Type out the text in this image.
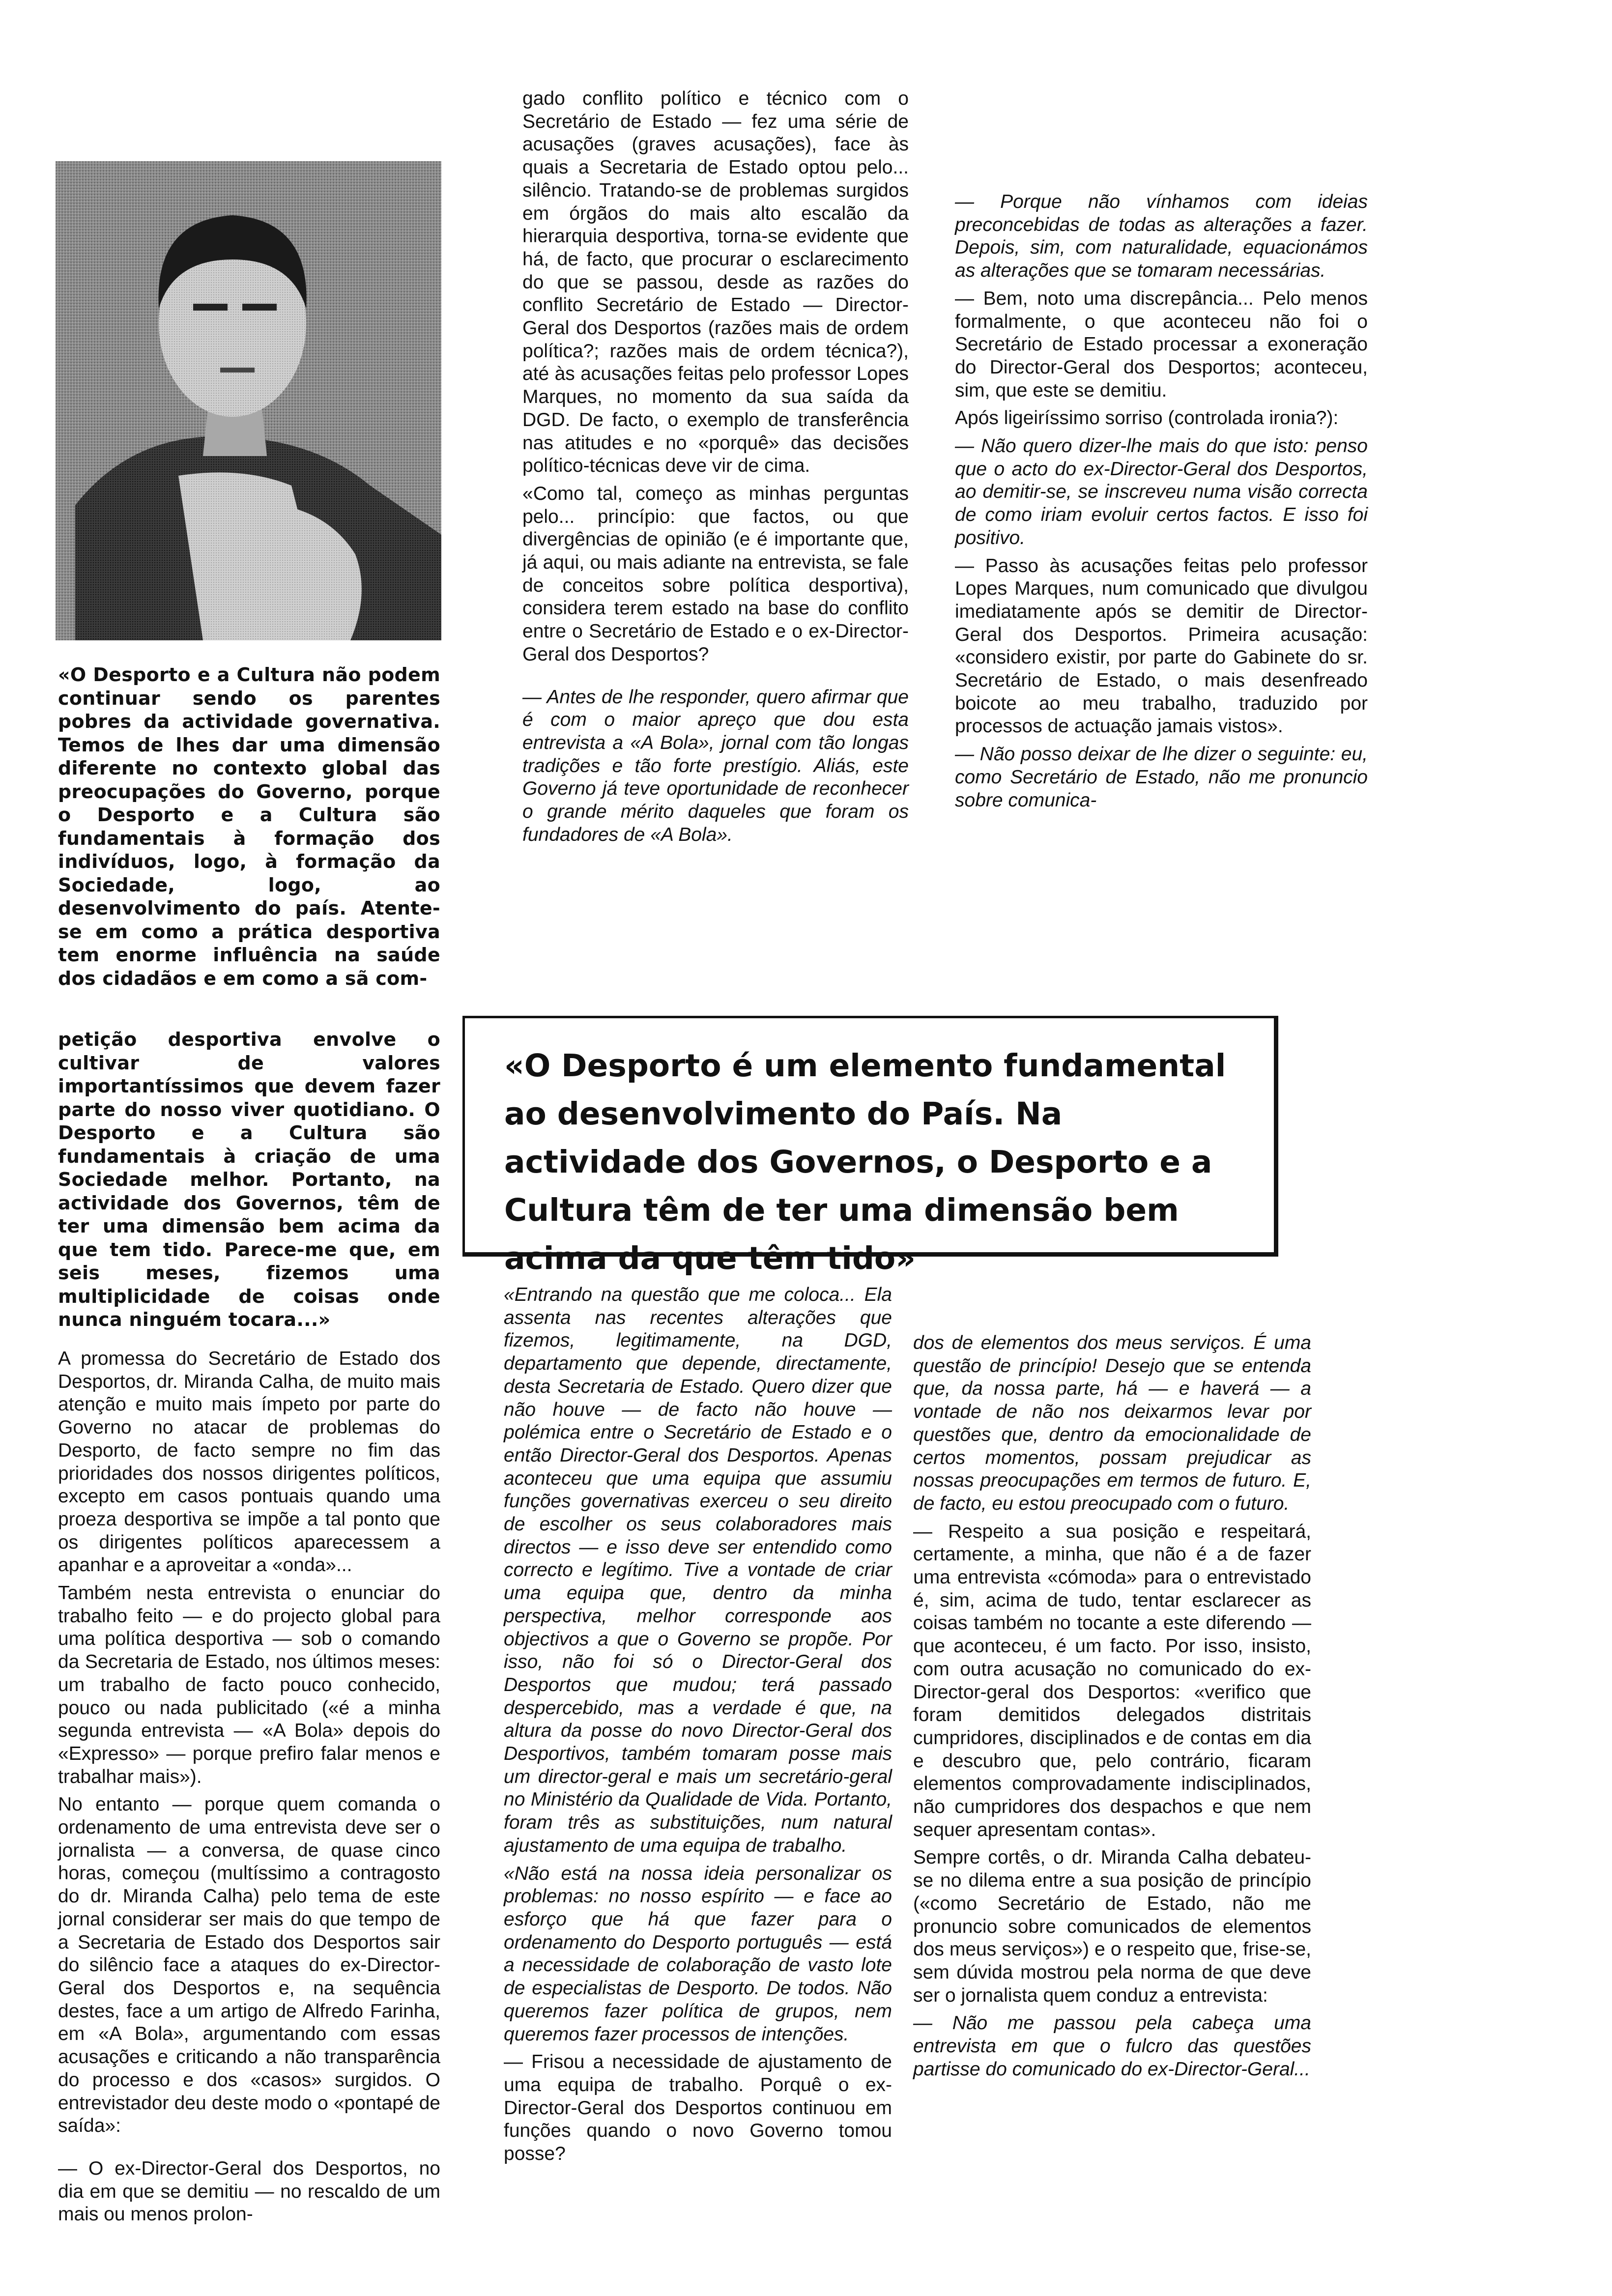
«O Desporto e a Cultura não podem continuar sendo os parentes pobres da actividade governativa. Temos de lhes dar uma dimensão diferente no contexto global das preocupações do Governo, porque o Desporto e a Cultura são fundamentais à formação dos indivíduos, logo, à formação da Sociedade, logo, ao desenvolvimento do país. Atente-se em como a prática desportiva tem enorme influência na saúde dos cidadãos e em como a sã com-

petição desportiva envolve o cultivar de valores importantíssimos que devem fazer parte do nosso viver quotidiano. O Desporto e a Cultura são fundamentais à criação de uma Sociedade melhor. Portanto, na actividade dos Governos, têm de ter uma dimensão bem acima da que tem tido. Parece-me que, em seis meses, fizemos uma multiplicidade de coisas onde nunca ninguém tocara...»

A promessa do Secretário de Estado dos Desportos, dr. Miranda Calha, de muito mais atenção e muito mais ímpeto por parte do Governo no atacar de problemas do Desporto, de facto sempre no fim das prioridades dos nossos dirigentes políticos, excepto em casos pontuais quando uma proeza desportiva se impõe a tal ponto que os dirigentes políticos aparecessem a apanhar e a aproveitar a «onda»...

Também nesta entrevista o enunciar do trabalho feito — e do projecto global para uma política desportiva — sob o comando da Secretaria de Estado, nos últimos meses: um trabalho de facto pouco conhecido, pouco ou nada publicitado («é a minha segunda entrevista — «A Bola» depois do «Expresso» — porque prefiro falar menos e trabalhar mais»).

No entanto — porque quem comanda o ordenamento de uma entrevista deve ser o jornalista — a conversa, de quase cinco horas, começou (multíssimo a contragosto do dr. Miranda Calha) pelo tema de este jornal considerar ser mais do que tempo de a Secretaria de Estado dos Desportos sair do silêncio face a ataques do ex-Director-Geral dos Desportos e, na sequência destes, face a um artigo de Alfredo Farinha, em «A Bola», argumentando com essas acusações e criticando a não transparência do processo e dos «casos» surgidos. O entrevistador deu deste modo o «pontapé de saída»:

— O ex-Director-Geral dos Desportos, no dia em que se demitiu — no rescaldo de um mais ou menos prolon-

gado conflito político e técnico com o Secretário de Estado — fez uma série de acusações (graves acusações), face às quais a Secretaria de Estado optou pelo... silêncio. Tratando-se de problemas surgidos em órgãos do mais alto escalão da hierarquia desportiva, torna-se evidente que há, de facto, que procurar o esclarecimento do que se passou, desde as razões do conflito Secretário de Estado — Director-Geral dos Desportos (razões mais de ordem política?; razões mais de ordem técnica?), até às acusações feitas pelo professor Lopes Marques, no momento da sua saída da DGD. De facto, o exemplo de transferência nas atitudes e no «porquê» das decisões político-técnicas deve vir de cima.

«Como tal, começo as minhas perguntas pelo... princípio: que factos, ou que divergências de opinião (e é importante que, já aqui, ou mais adiante na entrevista, se fale de conceitos sobre política desportiva), considera terem estado na base do conflito entre o Secretário de Estado e o ex-Director-Geral dos Desportos?

— Antes de lhe responder, quero afirmar que é com o maior apreço que dou esta entrevista a «A Bola», jornal com tão longas tradições e tão forte prestígio. Aliás, este Governo já teve oportunidade de reconhecer o grande mérito daqueles que foram os fundadores de «A Bola».

— Porque não vínhamos com ideias preconcebidas de todas as alterações a fazer. Depois, sim, com naturalidade, equacionámos as alterações que se tomaram necessárias.

— Bem, noto uma discrepância... Pelo menos formalmente, o que aconteceu não foi o Secretário de Estado processar a exoneração do Director-Geral dos Desportos; aconteceu, sim, que este se demitiu.

Após ligeiríssimo sorriso (controlada ironia?):

— Não quero dizer-lhe mais do que isto: penso que o acto do ex-Director-Geral dos Desportos, ao demitir-se, se inscreveu numa visão correcta de como iriam evoluir certos factos. E isso foi positivo.

— Passo às acusações feitas pelo professor Lopes Marques, num comunicado que divulgou imediatamente após se demitir de Director-Geral dos Desportos. Primeira acusação: «considero existir, por parte do Gabinete do sr. Secretário de Estado, o mais desenfreado boicote ao meu trabalho, traduzido por processos de actuação jamais vistos».

— Não posso deixar de lhe dizer o seguinte: eu, como Secretário de Estado, não me pronuncio sobre comunica-

«O Desporto é um elemento fundamental ao desenvolvimento do País. Na actividade dos Governos, o Desporto e a Cultura têm de ter uma dimensão bem acima da que têm tido»

«Entrando na questão que me coloca... Ela assenta nas recentes alterações que fizemos, legitimamente, na DGD, departamento que depende, directamente, desta Secretaria de Estado. Quero dizer que não houve — de facto não houve — polémica entre o Secretário de Estado e o então Director-Geral dos Desportos. Apenas aconteceu que uma equipa que assumiu funções governativas exerceu o seu direito de escolher os seus colaboradores mais directos — e isso deve ser entendido como correcto e legítimo. Tive a vontade de criar uma equipa que, dentro da minha perspectiva, melhor corresponde aos objectivos a que o Governo se propõe. Por isso, não foi só o Director-Geral dos Desportos que mudou; terá passado despercebido, mas a verdade é que, na altura da posse do novo Director-Geral dos Desportivos, também tomaram posse mais um director-geral e mais um secretário-geral no Ministério da Qualidade de Vida. Portanto, foram três as substituições, num natural ajustamento de uma equipa de trabalho.

«Não está na nossa ideia personalizar os problemas: no nosso espírito — e face ao esforço que há que fazer para o ordenamento do Desporto português — está a necessidade de colaboração de vasto lote de especialistas de Desporto. De todos. Não queremos fazer política de grupos, nem queremos fazer processos de intenções.

— Frisou a necessidade de ajustamento de uma equipa de trabalho. Porquê o ex-Director-Geral dos Desportos continuou em funções quando o novo Governo tomou posse?

dos de elementos dos meus serviços. É uma questão de princípio! Desejo que se entenda que, da nossa parte, há — e haverá — a vontade de não nos deixarmos levar por questões que, dentro da emocionalidade de certos momentos, possam prejudicar as nossas preocupações em termos de futuro. E, de facto, eu estou preocupado com o futuro.

— Respeito a sua posição e respeitará, certamente, a minha, que não é a de fazer uma entrevista «cómoda» para o entrevistado é, sim, acima de tudo, tentar esclarecer as coisas também no tocante a este diferendo — que aconteceu, é um facto. Por isso, insisto, com outra acusação no comunicado do ex-Director-geral dos Desportos: «verifico que foram demitidos delegados distritais cumpridores, disciplinados e de contas em dia e descubro que, pelo contrário, ficaram elementos comprovadamente indisciplinados, não cumpridores dos despachos e que nem sequer apresentam contas».

Sempre cortês, o dr. Miranda Calha debateu-se no dilema entre a sua posição de princípio («como Secretário de Estado, não me pronuncio sobre comunicados de elementos dos meus serviços») e o respeito que, frise-se, sem dúvida mostrou pela norma de que deve ser o jornalista quem conduz a entrevista:

— Não me passou pela cabeça uma entrevista em que o fulcro das questões partisse do comunicado do ex-Director-Geral...
